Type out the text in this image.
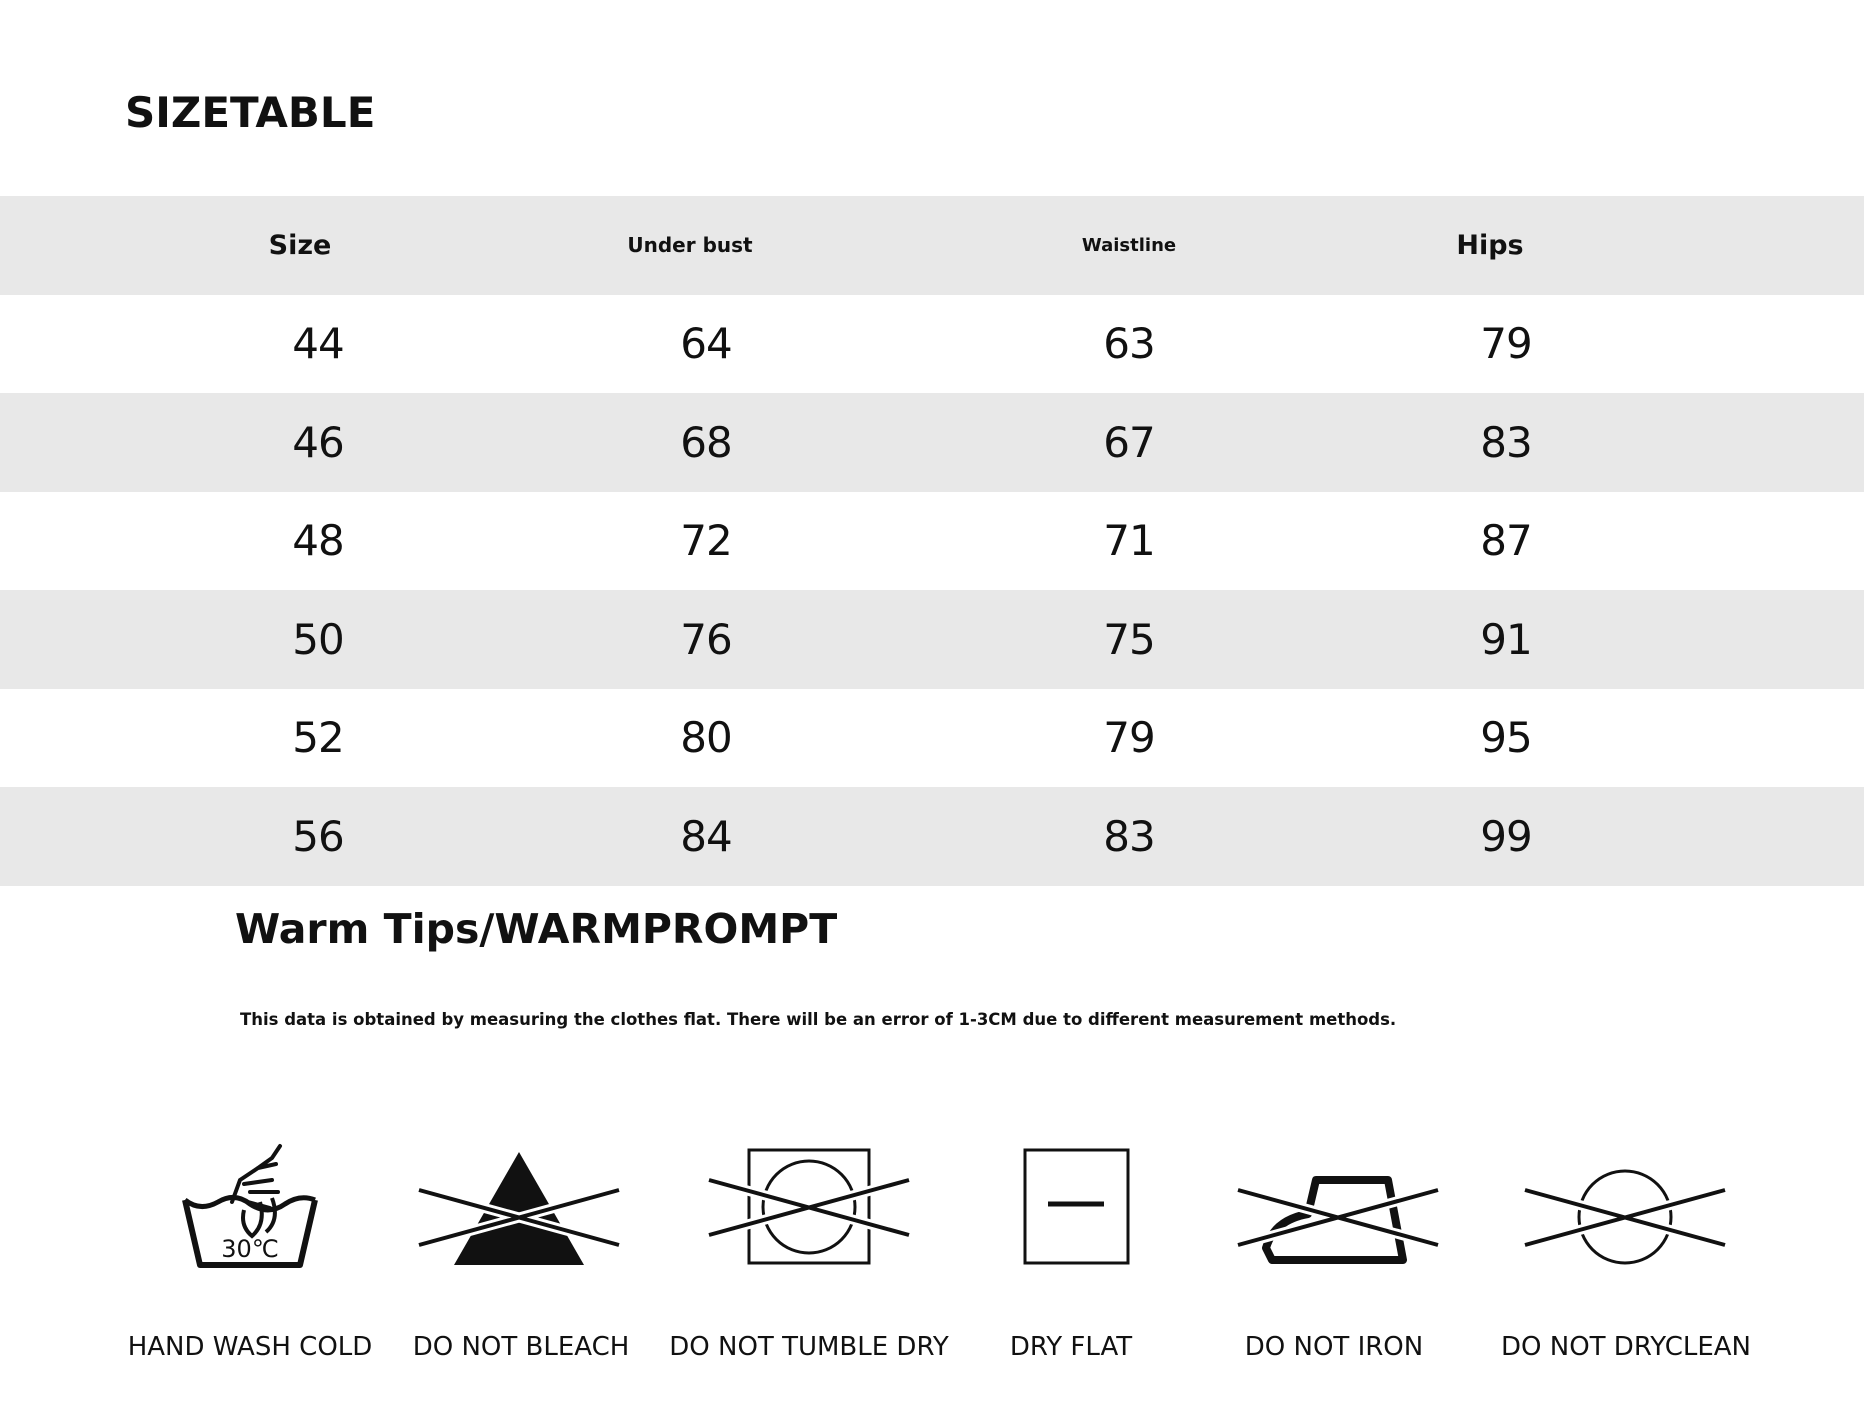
SIZETABLE
Size	Under bust	Waistline	Hips
44	64	63	79
46	68	67	83
48	72	71	87
50	76	75	91
52	80	79	95
56	84	83	99
Warm Tips/WARMPROMPT
This data is obtained by measuring the clothes flat. There will be an error of 1-3CM due to different measurement methods.
30℃
HAND WASH COLD DO NOT BLEACH DO NOT TUMBLE DRY DRY FLAT	DO NOT IRON	DO NOT DRYCLEAN
